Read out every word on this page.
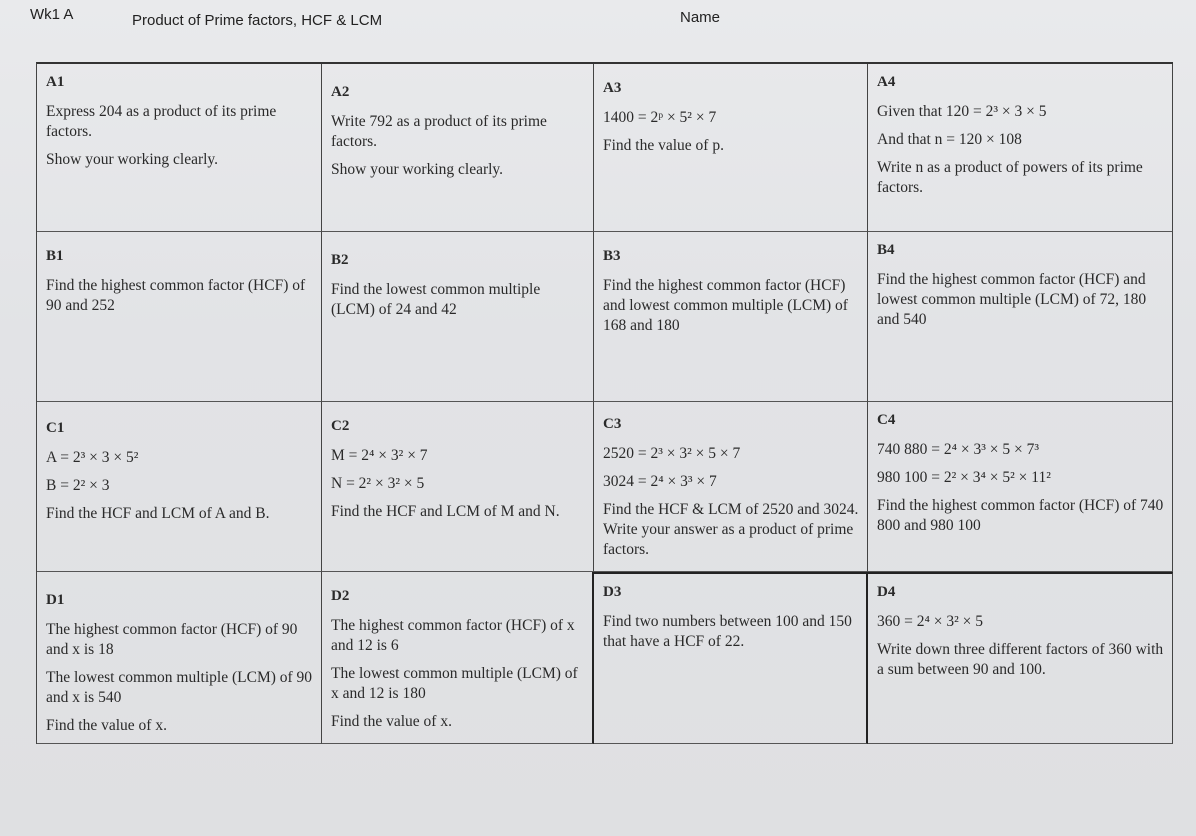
Wk1 A	Product of Prime factors, HCF & LCM	Name
A1

Express 204 as a product of its prime factors.

Show your working clearly.

A2

Write 792 as a product of its prime factors.

Show your working clearly.

A3

1400 = 2ᵖ × 5² × 7

Find the value of p.

A4

Given that 120 = 2³ × 3 × 5

And that n = 120 × 108

Write n as a product of powers of its prime factors.

B1

Find the highest common factor (HCF) of 90 and 252

B2

Find the lowest common multiple (LCM) of 24 and 42

B3

Find the highest common factor (HCF) and lowest common multiple (LCM) of 168 and 180

B4

Find the highest common factor (HCF) and lowest common multiple (LCM) of 72, 180 and 540

C1

A = 2³ × 3 × 5²

B = 2² × 3

Find the HCF and LCM of A and B.

C2

M = 2⁴ × 3² × 7

N = 2² × 3² × 5

Find the HCF and LCM of M and N.

C3

2520 = 2³ × 3² × 5 × 7

3024 = 2⁴ × 3³ × 7

Find the HCF & LCM of 2520 and 3024. Write your answer as a product of prime factors.

C4

740 880 = 2⁴ × 3³ × 5 × 7³

980 100 = 2² × 3⁴ × 5² × 11²

Find the highest common factor (HCF) of 740 800 and 980 100

D1

The highest common factor (HCF) of 90 and x is 18

The lowest common multiple (LCM) of 90 and x is 540

Find the value of x.

D2

The highest common factor (HCF) of x and 12 is 6

The lowest common multiple (LCM) of x and 12 is 180

Find the value of x.

D3

Find two numbers between 100 and 150 that have a HCF of 22.

D4

360 = 2⁴ × 3² × 5

Write down three different factors of 360 with a sum between 90 and 100.
